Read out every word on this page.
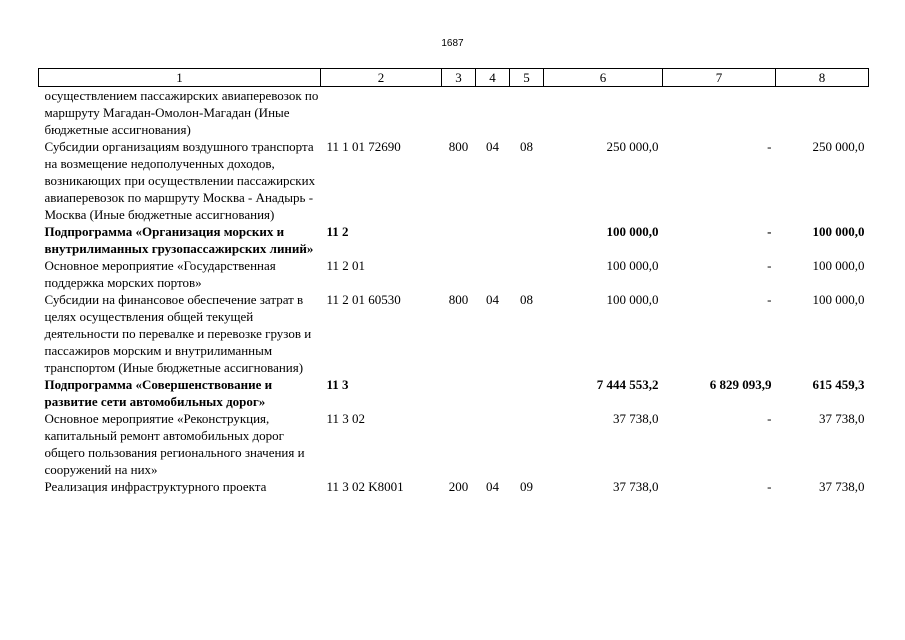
1687
1	2	3	4	5	6	7	8
осуществлением пассажирских авиаперевозок по маршруту Магадан-Омолон-Магадан (Иные бюджетные ассигнования)							
Субсидии организациям воздушного транспорта на возмещение недополученных доходов, возникающих при осуществлении пассажирских авиаперевозок по маршруту Москва - Анадырь - Москва (Иные бюджетные ассигнования)	11 1 01 72690	800	04	08	250 000,0	-	250 000,0
Подпрограмма «Организация морских и внутрилиманных грузопассажирских линий»	11 2				100 000,0	-	100 000,0
Основное мероприятие «Государственная поддержка морских портов»	11 2 01				100 000,0	-	100 000,0
Субсидии на финансовое обеспечение затрат в целях осуществления общей текущей деятельности по перевалке и перевозке грузов и пассажиров морским и внутрилиманным транспортом (Иные бюджетные ассигнования)	11 2 01 60530	800	04	08	100 000,0	-	100 000,0
Подпрограмма «Совершенствование и развитие сети автомобильных дорог»	11 3				7 444 553,2	6 829 093,9	615 459,3
Основное мероприятие «Реконструкция, капитальный ремонт автомобильных дорог общего пользования регионального значения и сооружений на них»	11 3 02				37 738,0	-	37 738,0
Реализация инфраструктурного проекта	11 3 02 K8001	200	04	09	37 738,0	-	37 738,0
